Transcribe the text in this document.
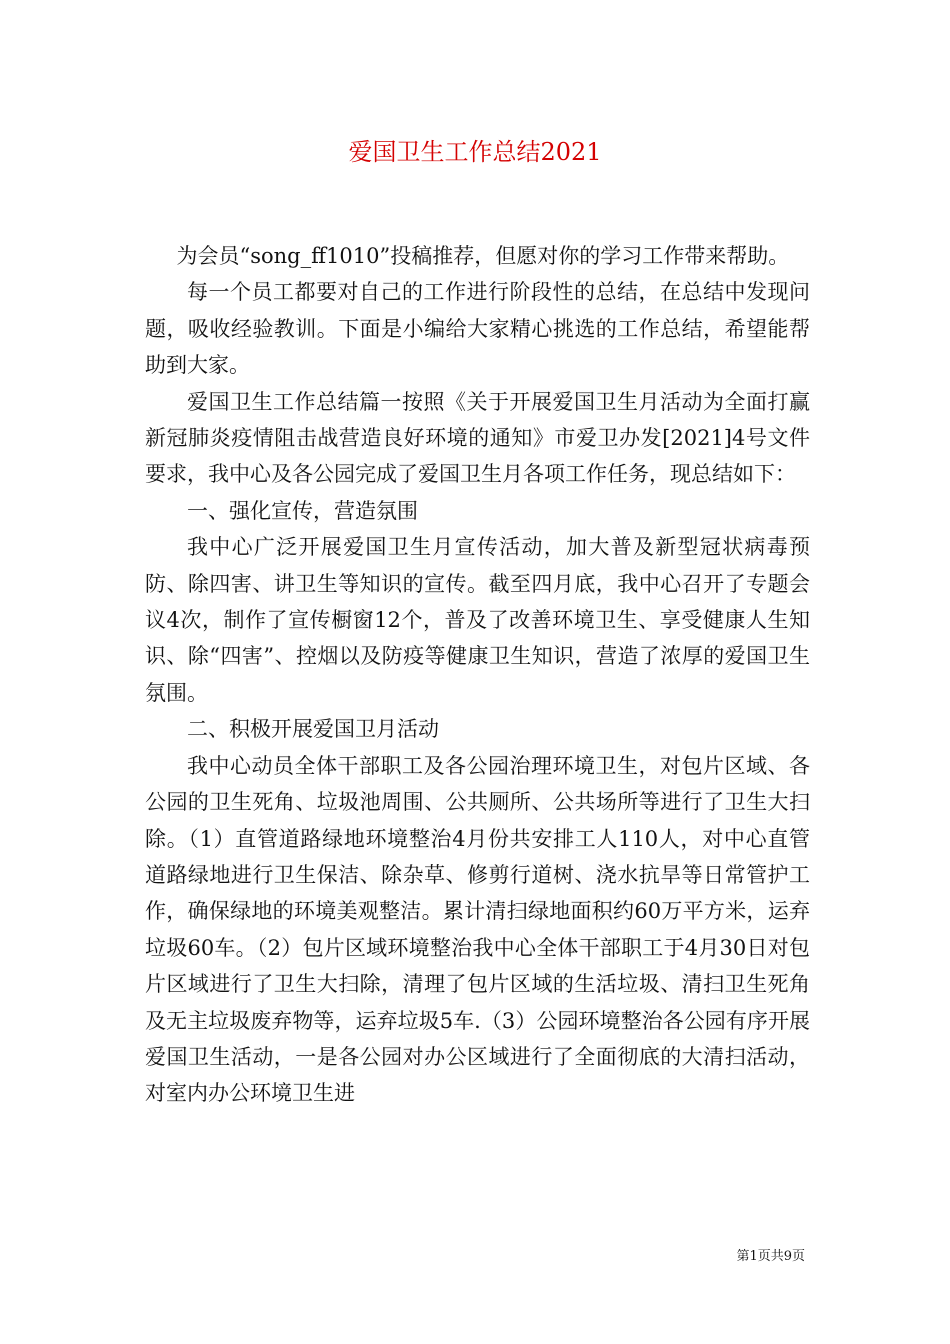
爱国卫生工作总结2021

为会员“song_ff1010”投稿推荐，但愿对你的学习工作带来帮助。

每一个员工都要对自己的工作进行阶段性的总结，在总结中发现问题，吸收经验教训。下面是小编给大家精心挑选的工作总结，希望能帮助到大家。

爱国卫生工作总结篇一按照《关于开展爱国卫生月活动为全面打赢新冠肺炎疫情阻击战营造良好环境的通知》市爱卫办发[2021]4号文件要求，我中心及各公园完成了爱国卫生月各项工作任务，现总结如下：

一、强化宣传，营造氛围

我中心广泛开展爱国卫生月宣传活动，加大普及新型冠状病毒预防、除四害、讲卫生等知识的宣传。截至四月底，我中心召开了专题会议4次，制作了宣传橱窗12个，普及了改善环境卫生、享受健康人生知识、除“四害”、控烟以及防疫等健康卫生知识，营造了浓厚的爱国卫生氛围。

二、积极开展爱国卫月活动

我中心动员全体干部职工及各公园治理环境卫生，对包片区域、各公园的卫生死角、垃圾池周围、公共厕所、公共场所等进行了卫生大扫除。（1）直管道路绿地环境整治4月份共安排工人110人，对中心直管道路绿地进行卫生保洁、除杂草、修剪行道树、浇水抗旱等日常管护工作，确保绿地的环境美观整洁。累计清扫绿地面积约60万平方米，运弃垃圾60车。（2）包片区域环境整治我中心全体干部职工于4月30日对包片区域进行了卫生大扫除，清理了包片区域的生活垃圾、清扫卫生死角及无主垃圾废弃物等，运弃垃圾5车.（3）公园环境整治各公园有序开展爱国卫生活动，一是各公园对办公区域进行了全面彻底的大清扫活动，对室内办公环境卫生进

第1页共9页
